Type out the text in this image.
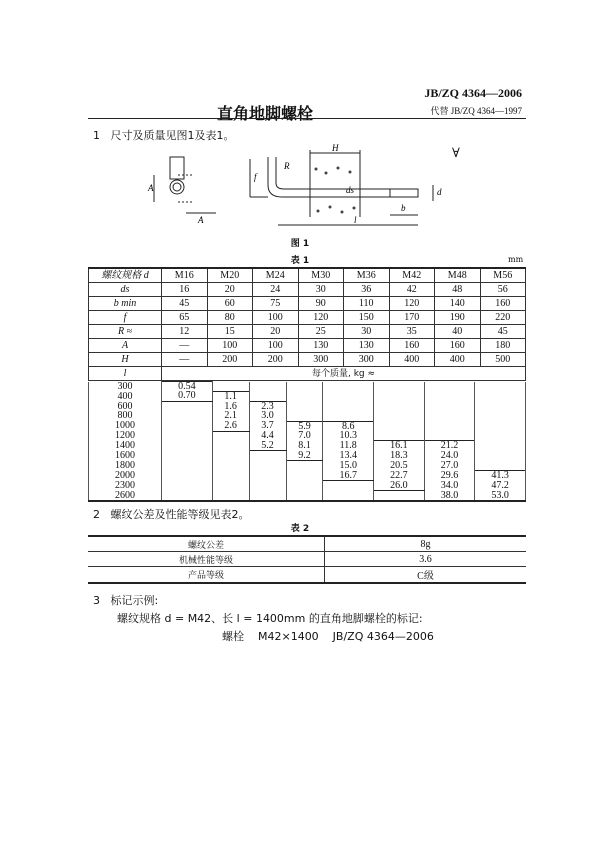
JB/ZQ 4364—2006
代替 JB/ZQ 4364—1997
直角地脚螺栓
1 尺寸及质量见图1及表1。
∀
H
R
f
A
A
ds	d
b
l
图 1
表 1	mm
螺纹规格 d	M16	M20	M24	M30	M36	M42	M48	M56
ds	16	20	24	30	36	42	48	56
b min	45	60	75	90	110	120	140	160
f	65	80	100	120	150	170	190	220
R ≈	12	15	20	25	30	35	40	45
A	—	100	100	130	130	160	160	180
H	—	200	200	300	300	400	400	500
l	每个质量, kg ≈							
300	0.54							
400	0.70	1.1						
600		1.6	2.3					
800		2.1	3.0					
1000		2.6	3.7	5.9	8.6			
1200			4.4	7.0	10.3			
1400			5.2	8.1	11.8	16.1	21.2	
1600				9.2	13.4	18.3	24.0	
1800					15.0	20.5	27.0	
2000					16.7	22.7	29.6	41.3
2300						26.0	34.0	47.2
2600							38.0	53.0
2 螺纹公差及性能等级见表2。
表 2
螺纹公差	8g
机械性能等级	3.6
产品等级	C级
3 标记示例:
螺纹规格 d = M42、长 l = 1400mm 的直角地脚螺栓的标记:
螺栓    M42×1400    JB/ZQ 4364—2006
